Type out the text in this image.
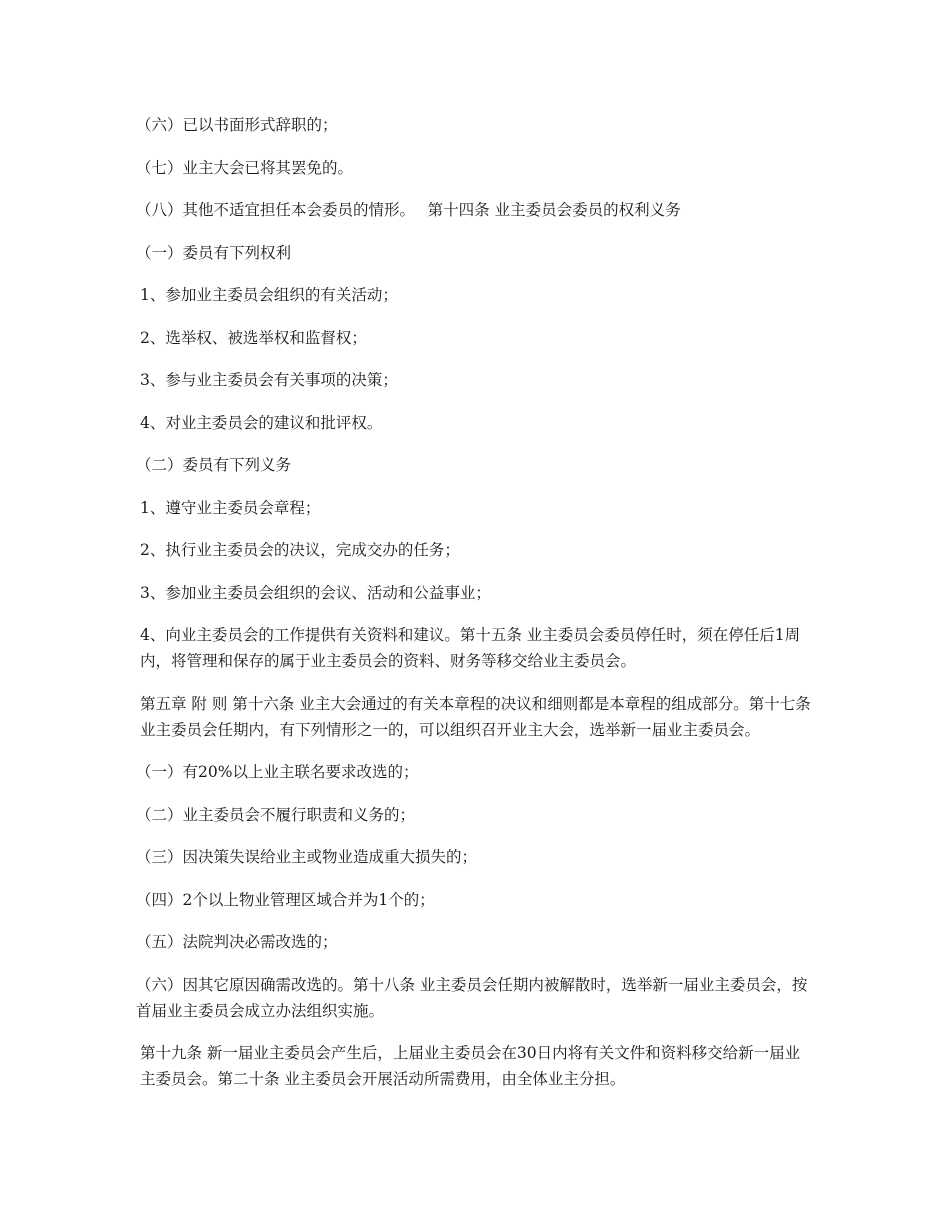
（六）已以书面形式辞职的；

（七）业主大会已将其罢免的。

（八）其他不适宜担任本会委员的情形。　 第十四条 业主委员会委员的权利义务

（一）委员有下列权利

1、参加业主委员会组织的有关活动；

2、选举权、被选举权和监督权；

3、参与业主委员会有关事项的决策；

4、对业主委员会的建议和批评权。

（二）委员有下列义务

1、遵守业主委员会章程；

2、执行业主委员会的决议，完成交办的任务；

3、参加业主委员会组织的会议、活动和公益事业；

4、向业主委员会的工作提供有关资料和建议。第十五条 业主委员会委员停任时，须在停任后1周内，将管理和保存的属于业主委员会的资料、财务等移交给业主委员会。

第五章 附 则 第十六条 业主大会通过的有关本章程的决议和细则都是本章程的组成部分。第十七条 业主委员会任期内，有下列情形之一的，可以组织召开业主大会，选举新一届业主委员会。

（一）有20%以上业主联名要求改选的；

（二）业主委员会不履行职责和义务的；

（三）因决策失误给业主或物业造成重大损失的；

（四）2个以上物业管理区域合并为1个的；

（五）法院判决必需改选的；

（六）因其它原因确需改选的。第十八条 业主委员会任期内被解散时，选举新一届业主委员会，按首届业主委员会成立办法组织实施。

第十九条 新一届业主委员会产生后，上届业主委员会在30日内将有关文件和资料移交给新一届业主委员会。第二十条 业主委员会开展活动所需费用，由全体业主分担。
